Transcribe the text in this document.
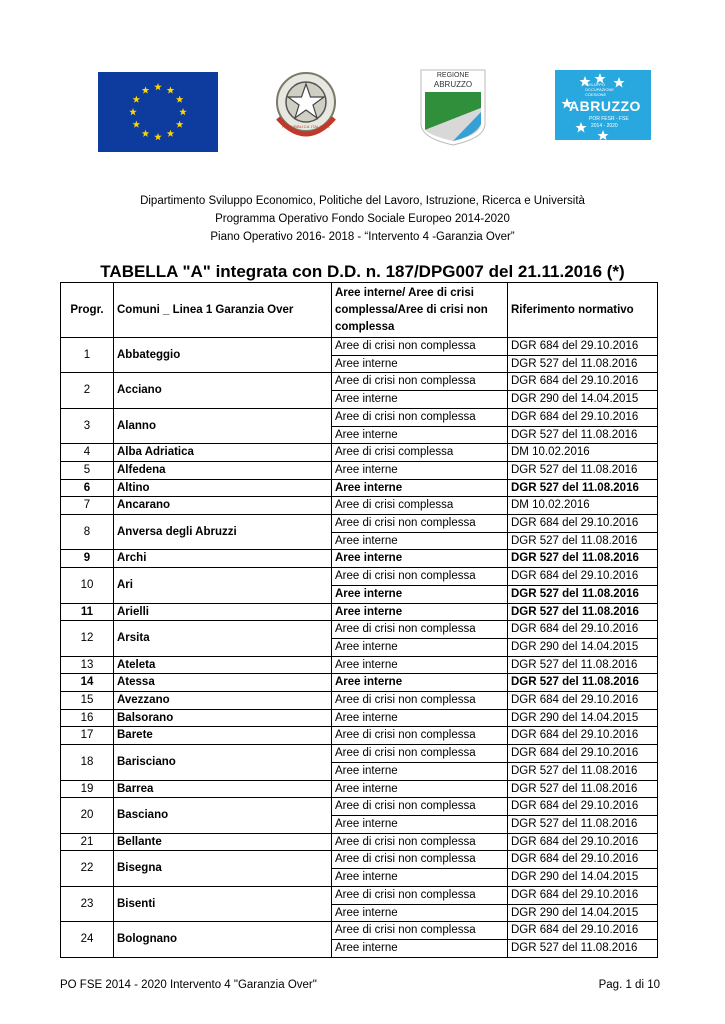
REPUBBLICA ITALIANA
REGIONE
ABRUZZO	SVILUPPO
OCCUPAZIONE
COESIONE
ABRUZZO
POR FESR - FSE
2014 - 2020
Dipartimento Sviluppo Economico, Politiche del Lavoro, Istruzione, Ricerca e Università
Programma Operativo Fondo Sociale Europeo 2014-2020
Piano Operativo 2016- 2018 - “Intervento 4 -Garanzia Over”
TABELLA "A" integrata con D.D. n. 187/DPG007 del 21.11.2016 (*)
Progr.	Comuni _ Linea 1 Garanzia Over	Aree interne/ Aree di crisi complessa/Aree di crisi non complessa	Riferimento normativo
1	Abbateggio	Aree di crisi non complessa	DGR 684 del 29.10.2016
		Aree interne	DGR 527 del 11.08.2016
2	Acciano	Aree di crisi non complessa	DGR 684 del 29.10.2016
		Aree interne	DGR 290 del 14.04.2015
3	Alanno	Aree di crisi non complessa	DGR 684 del 29.10.2016
		Aree interne	DGR 527 del 11.08.2016
4	Alba Adriatica	Aree di crisi complessa	DM 10.02.2016
5	Alfedena	Aree interne	DGR 527 del 11.08.2016
6	Altino	Aree interne	DGR 527 del 11.08.2016
7	Ancarano	Aree di crisi complessa	DM 10.02.2016
8	Anversa degli Abruzzi	Aree di crisi non complessa	DGR 684 del 29.10.2016
		Aree interne	DGR 527 del 11.08.2016
9	Archi	Aree interne	DGR 527 del 11.08.2016
10	Ari	Aree di crisi non complessa	DGR 684 del 29.10.2016
		Aree interne	DGR 527 del 11.08.2016
11	Arielli	Aree interne	DGR 527 del 11.08.2016
12	Arsita	Aree di crisi non complessa	DGR 684 del 29.10.2016
		Aree interne	DGR 290 del 14.04.2015
13	Ateleta	Aree interne	DGR 527 del 11.08.2016
14	Atessa	Aree interne	DGR 527 del 11.08.2016
15	Avezzano	Aree di crisi non complessa	DGR 684 del 29.10.2016
16	Balsorano	Aree interne	DGR 290 del 14.04.2015
17	Barete	Aree di crisi non complessa	DGR 684 del 29.10.2016
18	Barisciano	Aree di crisi non complessa	DGR 684 del 29.10.2016
		Aree interne	DGR 527 del 11.08.2016
19	Barrea	Aree interne	DGR 527 del 11.08.2016
20	Basciano	Aree di crisi non complessa	DGR 684 del 29.10.2016
		Aree interne	DGR 527 del 11.08.2016
21	Bellante	Aree di crisi non complessa	DGR 684 del 29.10.2016
22	Bisegna	Aree di crisi non complessa	DGR 684 del 29.10.2016
		Aree interne	DGR 290 del 14.04.2015
23	Bisenti	Aree di crisi non complessa	DGR 684 del 29.10.2016
		Aree interne	DGR 290 del 14.04.2015
24	Bolognano	Aree di crisi non complessa	DGR 684 del 29.10.2016
		Aree interne	DGR 527 del 11.08.2016
PO FSE 2014 - 2020 Intervento 4 "Garanzia Over"	Pag. 1 di 10
